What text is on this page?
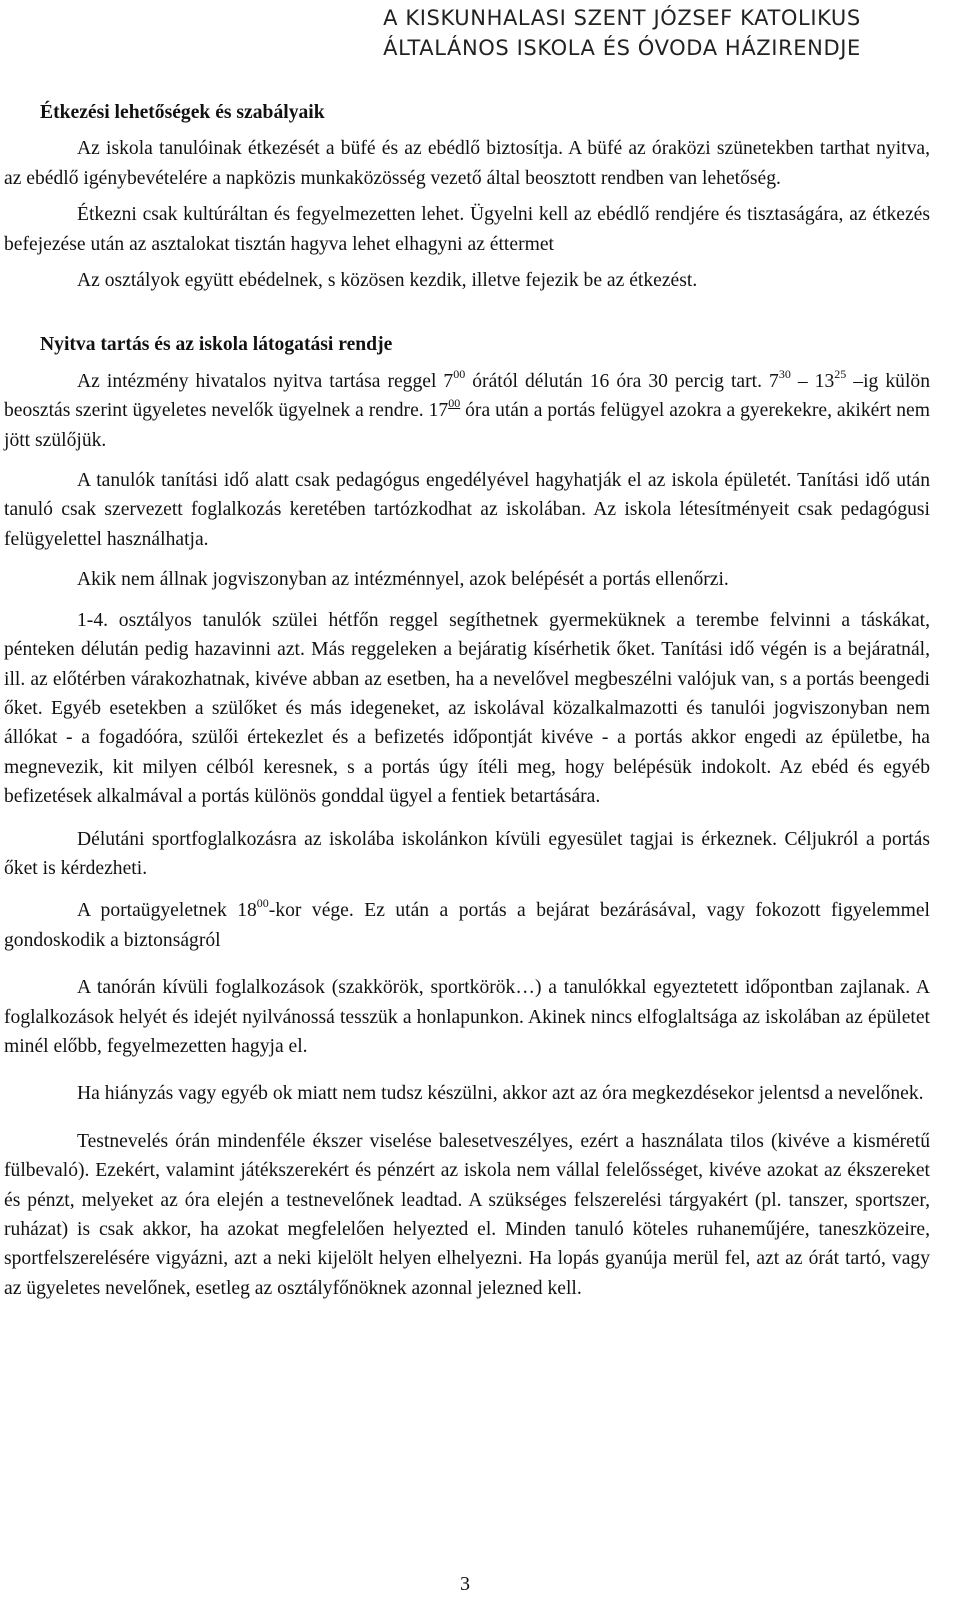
A KISKUNHALASI SZENT JÓZSEF KATOLIKUS
ÁLTALÁNOS ISKOLA ÉS ÓVODA HÁZIRENDJE
Étkezési lehetőségek és szabályaik

Az iskola tanulóinak étkezését a büfé és az ebédlő biztosítja. A büfé az óraközi szünetekben tarthat nyitva, az ebédlő igénybevételére a napközis munkaközösség vezető által beosztott rendben van lehetőség.

Étkezni csak kultúráltan és fegyelmezetten lehet. Ügyelni kell az ebédlő rendjére és tisztaságára, az étkezés befejezése után az asztalokat tisztán hagyva lehet elhagyni az éttermet

Az osztályok együtt ebédelnek, s közösen kezdik, illetve fejezik be az étkezést.

Nyitva tartás és az iskola látogatási rendje

Az intézmény hivatalos nyitva tartása reggel $7^{00}$ órától délután 16 óra 30 percig tart. $7^{30} - 13^{25}$ –ig külön beosztás szerint ügyeletes nevelők ügyelnek a rendre. $17^{00}$ óra után a portás felügyel azokra a gyerekekre, akikért nem jött szülőjük.

A tanulók tanítási idő alatt csak pedagógus engedélyével hagyhatják el az iskola épületét. Tanítási idő után tanuló csak szervezett foglalkozás keretében tartózkodhat az iskolában. Az iskola létesítményeit csak pedagógusi felügyelettel használhatja.

Akik nem állnak jogviszonyban az intézménnyel, azok belépését a portás ellenőrzi.

1-4. osztályos tanulók szülei hétfőn reggel segíthetnek gyermeküknek a terembe felvinni a táskákat, pénteken délután pedig hazavinni azt. Más reggeleken a bejáratig kísérhetik őket. Tanítási idő végén is a bejáratnál, ill. az előtérben várakozhatnak, kivéve abban az esetben, ha a nevelővel megbeszélni valójuk van, s a portás beengedi őket. Egyéb esetekben a szülőket és más idegeneket, az iskolával közalkalmazotti és tanulói jogviszonyban nem állókat - a fogadóóra, szülői értekezlet és a befizetés időpontját kivéve - a portás akkor engedi az épületbe, ha megnevezik, kit milyen célból keresnek, s a portás úgy ítéli meg, hogy belépésük indokolt. Az ebéd és egyéb befizetések alkalmával a portás különös gonddal ügyel a fentiek betartására.

Délutáni sportfoglalkozásra az iskolába iskolánkon kívüli egyesület tagjai is érkeznek. Céljukról a portás őket is kérdezheti.

A portaügyeletnek $18^{00}$-kor vége. Ez után a portás a bejárat bezárásával, vagy fokozott figyelemmel gondoskodik a biztonságról

A tanórán kívüli foglalkozások (szakkörök, sportkörök…) a tanulókkal egyeztetett időpontban zajlanak. A foglalkozások helyét és idejét nyilvánossá tesszük a honlapunkon. Akinek nincs elfoglaltsága az iskolában az épületet minél előbb, fegyelmezetten hagyja el.

Ha hiányzás vagy egyéb ok miatt nem tudsz készülni, akkor azt az óra megkezdésekor jelentsd a nevelőnek.

Testnevelés órán mindenféle ékszer viselése balesetveszélyes, ezért a használata tilos (kivéve a kisméretű fülbevaló). Ezekért, valamint játékszerekért és pénzért az iskola nem vállal felelősséget, kivéve azokat az ékszereket és pénzt, melyeket az óra elején a testnevelőnek leadtad. A szükséges felszerelési tárgyakért (pl. tanszer, sportszer, ruházat) is csak akkor, ha azokat megfelelően helyezted el. Minden tanuló köteles ruhaneműjére, taneszközeire, sportfelszerelésére vigyázni, azt a neki kijelölt helyen elhelyezni. Ha lopás gyanúja merül fel, azt az órát tartó, vagy az ügyeletes nevelőnek, esetleg az osztályfőnöknek azonnal jelezned kell.

3
